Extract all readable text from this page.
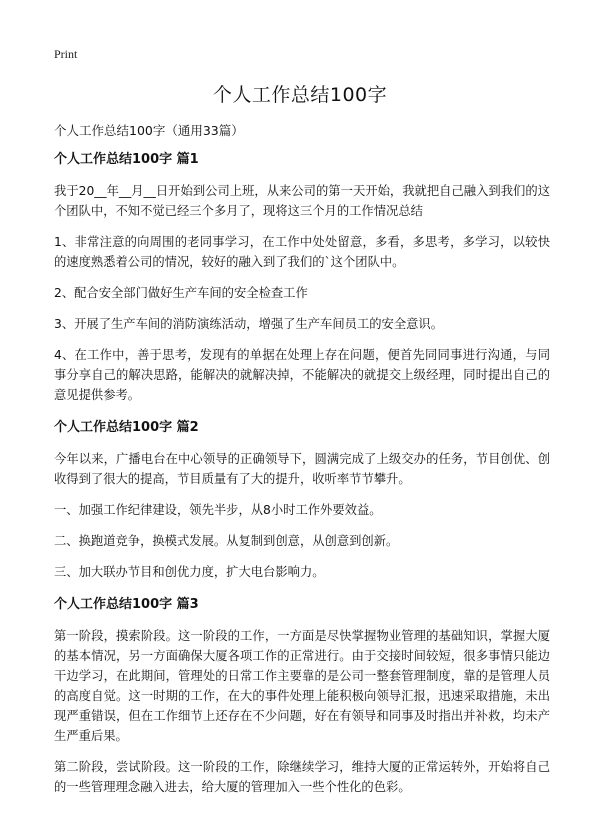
Print
个人工作总结100字

个人工作总结100字（通用33篇）

个人工作总结100字 篇1

我于20__年__月__日开始到公司上班，从来公司的第一天开始，我就把自己融入到我们的这个团队中，不知不觉已经三个多月了，现将这三个月的工作情况总结

1、非常注意的向周围的老同事学习，在工作中处处留意，多看，多思考，多学习，以较快的速度熟悉着公司的情况，较好的融入到了我们的`这个团队中。

2、配合安全部门做好生产车间的安全检查工作

3、开展了生产车间的消防演练活动，增强了生产车间员工的安全意识。

4、在工作中，善于思考，发现有的单据在处理上存在问题，便首先同同事进行沟通，与同事分享自己的解决思路，能解决的就解决掉，不能解决的就提交上级经理，同时提出自己的意见提供参考。

个人工作总结100字 篇2

今年以来，广播电台在中心领导的正确领导下，圆满完成了上级交办的任务，节目创优、创收得到了很大的提高，节目质量有了大的提升，收听率节节攀升。

一、加强工作纪律建设，领先半步，从8小时工作外要效益。

二、换跑道竞争，换模式发展。从复制到创意，从创意到创新。

三、加大联办节目和创优力度，扩大电台影响力。

个人工作总结100字 篇3

第一阶段，摸索阶段。这一阶段的工作，一方面是尽快掌握物业管理的基础知识，掌握大厦的基本情况，另一方面确保大厦各项工作的正常进行。由于交接时间较短，很多事情只能边干边学习，在此期间，管理处的日常工作主要靠的是公司一整套管理制度，靠的是管理人员的高度自觉。这一时期的工作，在大的事件处理上能积极向领导汇报，迅速采取措施，未出现严重错误，但在工作细节上还存在不少问题，好在有领导和同事及时指出并补救，均未产生严重后果。

第二阶段，尝试阶段。这一阶段的工作，除继续学习，维持大厦的正常运转外，开始将自己的一些管理理念融入进去，给大厦的管理加入一些个性化的色彩。
